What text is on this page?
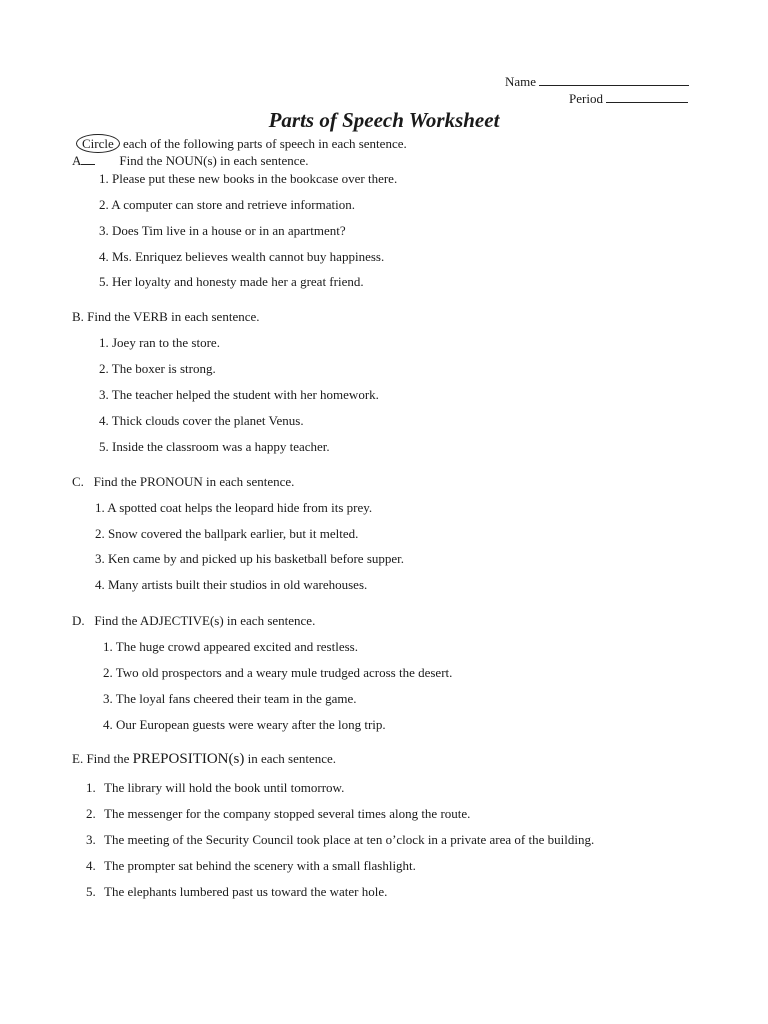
Name
Period
Parts of Speech Worksheet
Circle each of the following parts of speech in each sentence.
A	Find the NOUN(s) in each sentence.
1. Please put these new books in the bookcase over there.
2. A computer can store and retrieve information.
3. Does Tim live in a house or in an apartment?
4. Ms. Enriquez believes wealth cannot buy happiness.
5. Her loyalty and honesty made her a great friend.
B. Find the VERB in each sentence.
1. Joey ran to the store.
2. The boxer is strong.
3. The teacher helped the student with her homework.
4. Thick clouds cover the planet Venus.
5. Inside the classroom was a happy teacher.
C.   Find the PRONOUN in each sentence.
1. A spotted coat helps the leopard hide from its prey.
2. Snow covered the ballpark earlier, but it melted.
3. Ken came by and picked up his basketball before supper.
4. Many artists built their studios in old warehouses.
D.   Find the ADJECTIVE(s) in each sentence.
1. The huge crowd appeared excited and restless.
2. Two old prospectors and a weary mule trudged across the desert.
3. The loyal fans cheered their team in the game.
4. Our European guests were weary after the long trip.
E. Find the PREPOSITION(s) in each sentence.
1. The library will hold the book until tomorrow.
2. The messenger for the company stopped several times along the route.
3. The meeting of the Security Council took place at ten o’clock in a private area of the building.
4. The prompter sat behind the scenery with a small flashlight.
5. The elephants lumbered past us toward the water hole.
